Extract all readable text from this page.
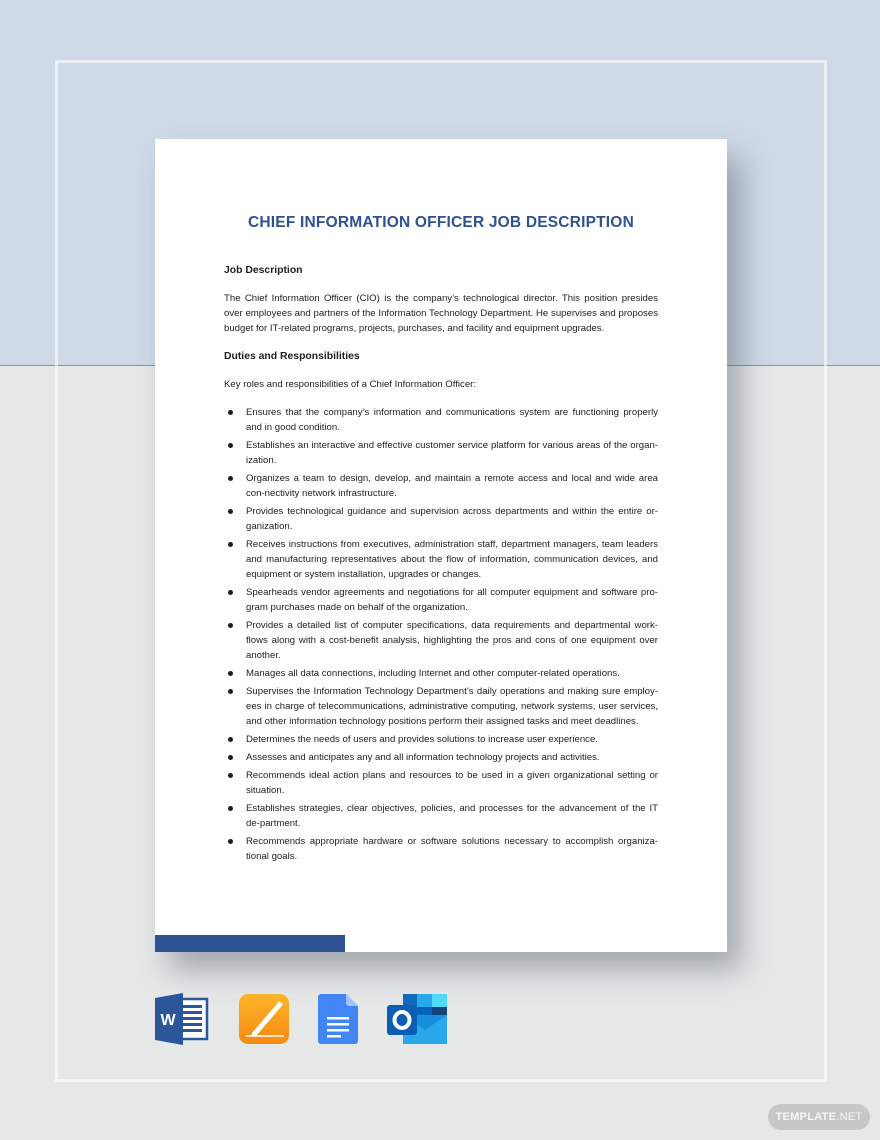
CHIEF INFORMATION OFFICER JOB DESCRIPTION
Job Description
The Chief Information Officer (CIO) is the company’s technological director. This position presides over employees and partners of the Information Technology Department. He supervises and proposes budget for IT-related programs, projects, purchases, and facility and equipment upgrades.
Duties and Responsibilities
Key roles and responsibilities of a Chief Information Officer:
Ensures that the company’s information and communications system are functioning properly and in good condition.
Establishes an interactive and effective customer service platform for various areas of the organ-ization.
Organizes a team to design, develop, and maintain a remote access and local and wide area con-nectivity network infrastructure.
Provides technological guidance and supervision across departments and within the entire or-ganization.
Receives instructions from executives, administration staff, department managers, team leaders and manufacturing representatives about the flow of information, communication devices, and equipment or system installation, upgrades or changes.
Spearheads vendor agreements and negotiations for all computer equipment and software pro-gram purchases made on behalf of the organization.
Provides a detailed list of computer specifications, data requirements and departmental work-flows along with a cost-benefit analysis, highlighting the pros and cons of one equipment over another.
Manages all data connections, including Internet and other computer-related operations.
Supervises the Information Technology Department’s daily operations and making sure employ-ees in charge of telecommunications, administrative computing, network systems, user services, and other information technology positions perform their assigned tasks and meet deadlines.
Determines the needs of users and provides solutions to increase user experience.
Assesses and anticipates any and all information technology projects and activities.
Recommends ideal action plans and resources to be used in a given organizational setting or situation.
Establishes strategies, clear objectives, policies, and processes for the advancement of the IT de-partment.
Recommends appropriate hardware or software solutions necessary to accomplish organiza-tional goals.
W
TEMPLATE .NET
